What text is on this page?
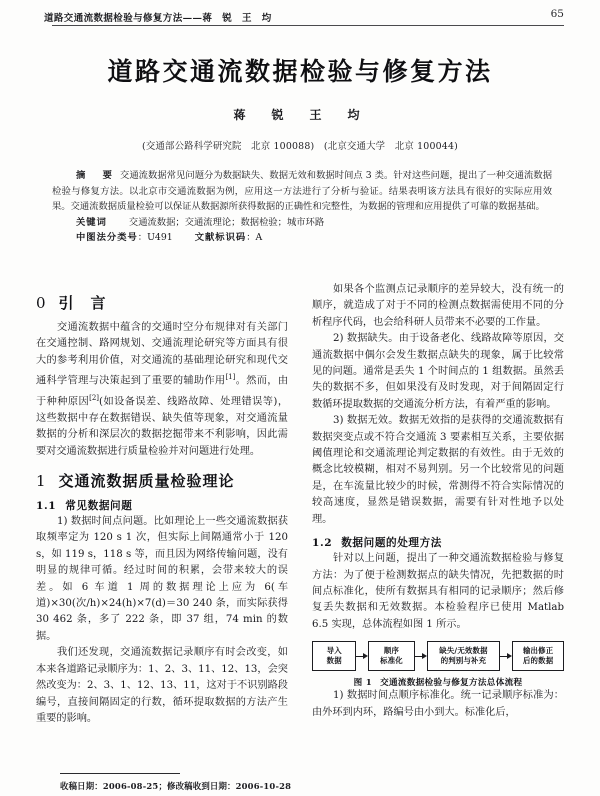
道路交通流数据检验与修复方法——蒋　锐　王　均	65
道路交通流数据检验与修复方法
蒋　锐　王　均
(交通部公路科学研究院　北京 100088)　(北京交通大学　北京 100044)

摘　要 交通流数据常见问题分为数据缺失、数据无效和数据时间点 3 类。针对这些问题，提出了一种交通流数据检验与修复方法。以北京市交通流数据为例，应用这一方法进行了分析与验证。结果表明该方法具有很好的实际应用效果。交通流数据质量检验可以保证从数据源所获得数据的正确性和完整性，为数据的管理和应用提供了可靠的数据基础。

关键词 交通流数据；交通流理论；数据检验；城市环路

中图法分类号：U491 文献标识码：A

0 引　言

交通流数据中蕴含的交通时空分布规律对有关部门在交通控制、路网规划、交通流理论研究等方面具有很大的参考利用价值，对交通流的基础理论研究和现代交通科学管理与决策起到了重要的辅助作用[1]。然而，由于种种原因[2](如设备误差、线路故障、处理错误等)，这些数据中存在数据错误、缺失值等现象，对交通流量数据的分析和深层次的数据挖掘带来不利影响，因此需要对交通流数据进行质量检验并对问题进行处理。

1 交通流数据质量检验理论
1.1 常见数据问题

1) 数据时间点问题。比如理论上一些交通流数据获取频率定为 120 s 1 次，但实际上间隔通常小于 120 s，如 119 s，118 s 等，而且因为网络传输问题，没有明显的规律可循。经过时间的积累，会带来较大的误差。如 6 车道 1 周的数据理论上应为 6(车道)×30(次/h)×24(h)×7(d)＝30 240 条，而实际获得 30 462 条，多了 222 条，即 37 组，74 min 的数据。

我们还发现，交通流数据记录顺序有时会改变，如本来各道路记录顺序为：1、2、3、11、12、13，会突然改变为：2、3、1、12、13、11，这对于不识别路段编号，直接间隔固定的行数，循环提取数据的方法产生重要的影响。

如果各个监测点记录顺序的差异较大，没有统一的顺序，就造成了对于不同的检测点数据需使用不同的分析程序代码，也会给科研人员带来不必要的工作量。

2) 数据缺失。由于设备老化、线路故障等原因，交通流数据中偶尔会发生数据点缺失的现象，属于比较常见的问题。通常是丢失 1 个时间点的 1 组数据。虽然丢失的数据不多，但如果没有及时发现，对于间隔固定行数循环提取数据的交通流分析方法，有着严重的影响。

3) 数据无效。数据无效指的是获得的交通流数据有数据突变点或不符合交通流 3 要素相互关系，主要依据阈值理论和交通流理论判定数据的有效性。由于无效的概念比较模糊，相对不易判别。另一个比较常见的问题是，在车流量比较少的时候，常测得不符合实际情况的较高速度，显然是错误数据，需要有针对性地予以处理。

1.2 数据问题的处理方法

针对以上问题，提出了一种交通流数据检验与修复方法：为了便于检测数据点的缺失情况，先把数据的时间点标准化，使所有数据具有相同的记录顺序；然后修复丢失数据和无效数据。本检验程序已使用 Matlab 6.5 实现，总体流程如图 1 所示。

导入
数据
顺序
标准化
缺失/无效数据
的判别与补充
输出修正
后的数据
图 1 交通流数据检验与修复方法总体流程

1) 数据时间点顺序标准化。统一记录顺序标准为：由外环到内环，路编号由小到大。标准化后，

收稿日期：2006-08-25；修改稿收到日期：2006-10-28
